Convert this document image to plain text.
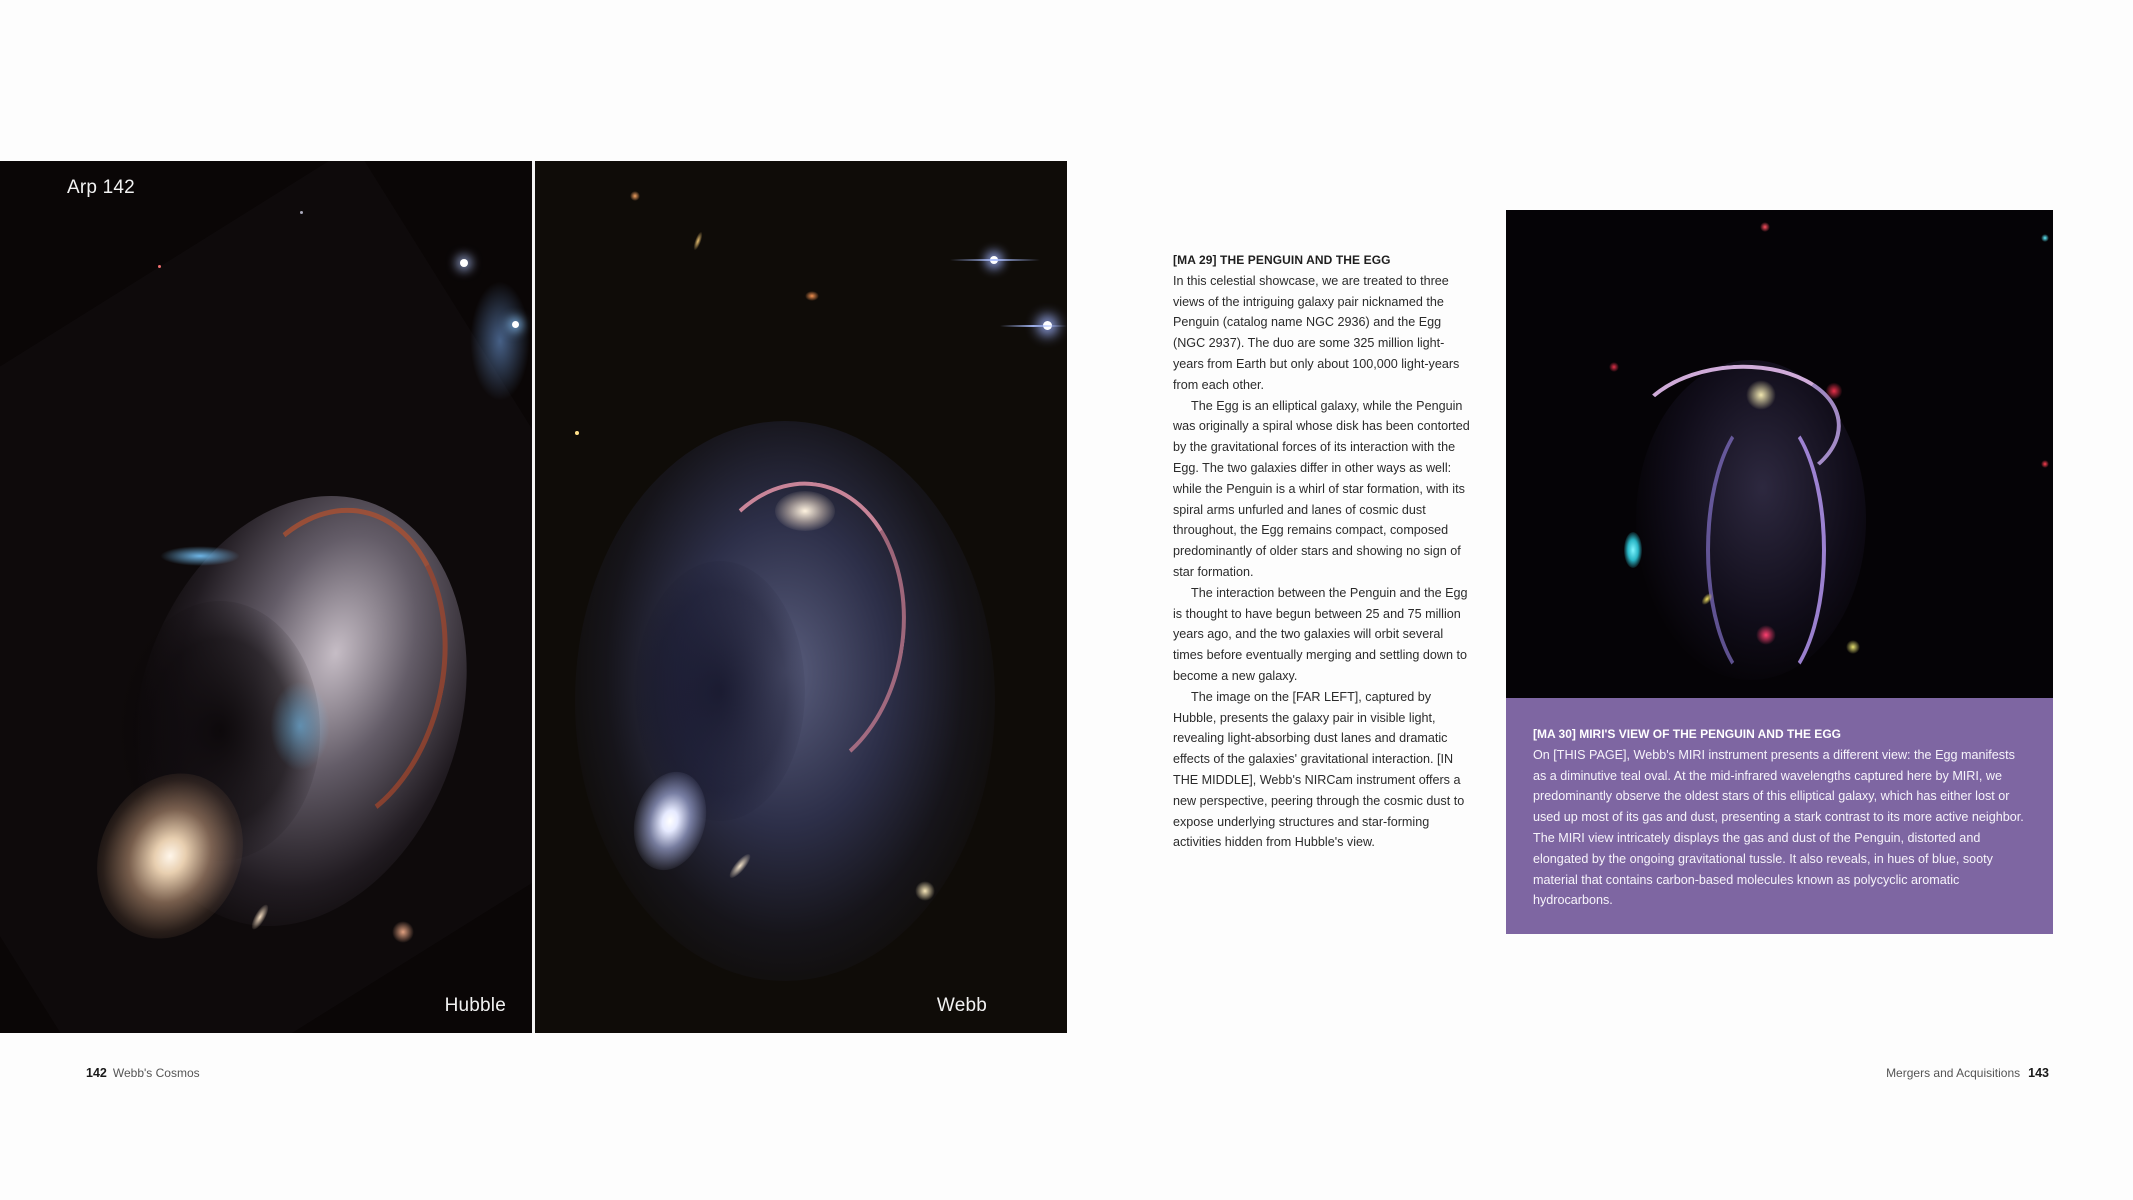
Arp 142
Hubble	Webb
[MA 29] THE PENGUIN AND THE EGG

In this celestial showcase, we are treated to three views of the intriguing galaxy pair nicknamed the Penguin (catalog name NGC 2936) and the Egg (NGC 2937). The duo are some 325 million light-years from Earth but only about 100,000 light-years from each other.

The Egg is an elliptical galaxy, while the Penguin was originally a spiral whose disk has been contorted by the gravitational forces of its interaction with the Egg. The two galaxies differ in other ways as well: while the Penguin is a whirl of star formation, with its spiral arms unfurled and lanes of cosmic dust throughout, the Egg remains compact, composed predominantly of older stars and showing no sign of star formation.

The interaction between the Penguin and the Egg is thought to have begun between 25 and 75 million years ago, and the two galaxies will orbit several times before eventually merging and settling down to become a new galaxy.

The image on the [FAR LEFT], captured by Hubble, presents the galaxy pair in visible light, revealing light-absorbing dust lanes and dramatic effects of the galaxies' gravitational interaction. [IN THE MIDDLE], Webb's NIRCam instrument offers a new perspective, peering through the cosmic dust to expose underlying structures and star-forming activities hidden from Hubble's view.

[MA 30] MIRI'S VIEW OF THE PENGUIN AND THE EGG

On [THIS PAGE], Webb's MIRI instrument presents a different view: the Egg manifests as a diminutive teal oval. At the mid-infrared wavelengths captured here by MIRI, we predominantly observe the oldest stars of this elliptical galaxy, which has either lost or used up most of its gas and dust, presenting a stark contrast to its more active neighbor. The MIRI view intricately displays the gas and dust of the Penguin, distorted and elongated by the ongoing gravitational tussle. It also reveals, in hues of blue, sooty material that contains carbon-based molecules known as polycyclic aromatic hydrocarbons.

142 Webb's Cosmos	Mergers and Acquisitions 143
